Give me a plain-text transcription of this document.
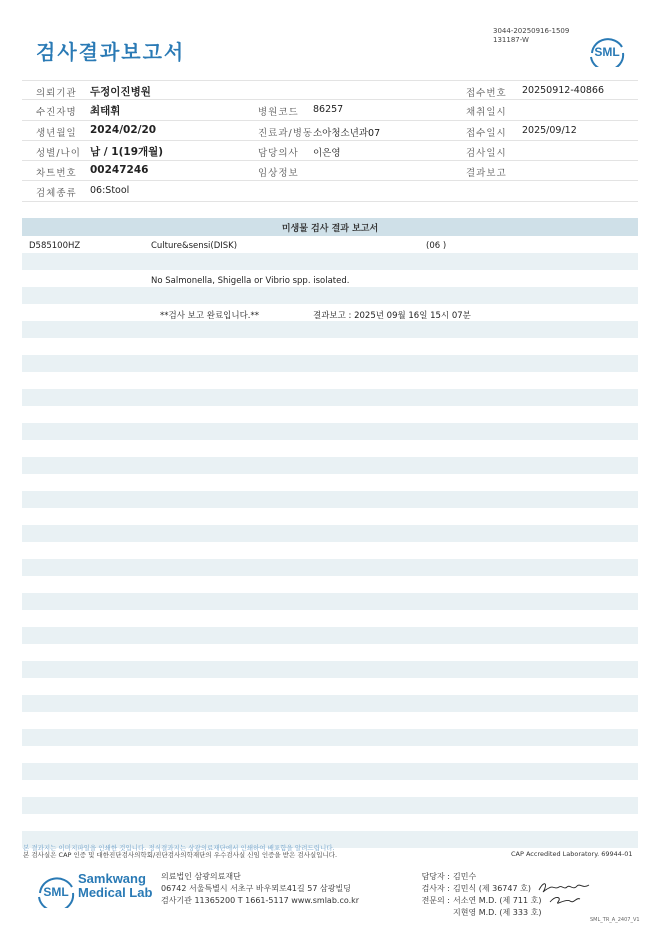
검사결과보고서
3044-20250916-1509
131187-W
SML
의뢰기관 두정이진병원	접수번호 20250912-40866
수진자명 최태휘	병원코드 86257	채취일시
생년월일 2024/02/20	진료과/병동 소아청소년과07	접수일시 2025/09/12
성별/나이 남 / 1(19개월)	담당의사 이은영	검사일시
차트번호 00247246	임상정보	결과보고
검체종류 06:Stool
미생물 검사 결과 보고서
D585100HZ	Culture&sensi(DISK)	(06 )
No Salmonella, Shigella or Vibrio spp. isolated.
**검사 보고 완료입니다.**	결과보고 : 2025년 09월 16일 15시 07분
본 결과지는 이미지파일을 인쇄한 것입니다. 정식결과지는 상광의료재단에서 인쇄하여 배포함을 알려드립니다.
본 검사실은 CAP 인증 및 대한진단검사의학회/진단검사의학재단의 우수검사실 신임 인증을 받은 검사실입니다.	CAP Accredited Laboratory. 69944-01
SML
Samkwang
Medical Lab
의료법인 삼광의료재단
06742 서울특별시 서초구 바우뫼로41길 57 삼광빌딩
검사기관 11365200 T 1661-5117 www.smlab.co.kr
담당자 : 김민수
검사자 : 김민식 (제 36747 호)
전문의 : 서소연 M.D. (제 711 호)
지현영 M.D. (제 333 호)
SML_TR_A_2407_V1
